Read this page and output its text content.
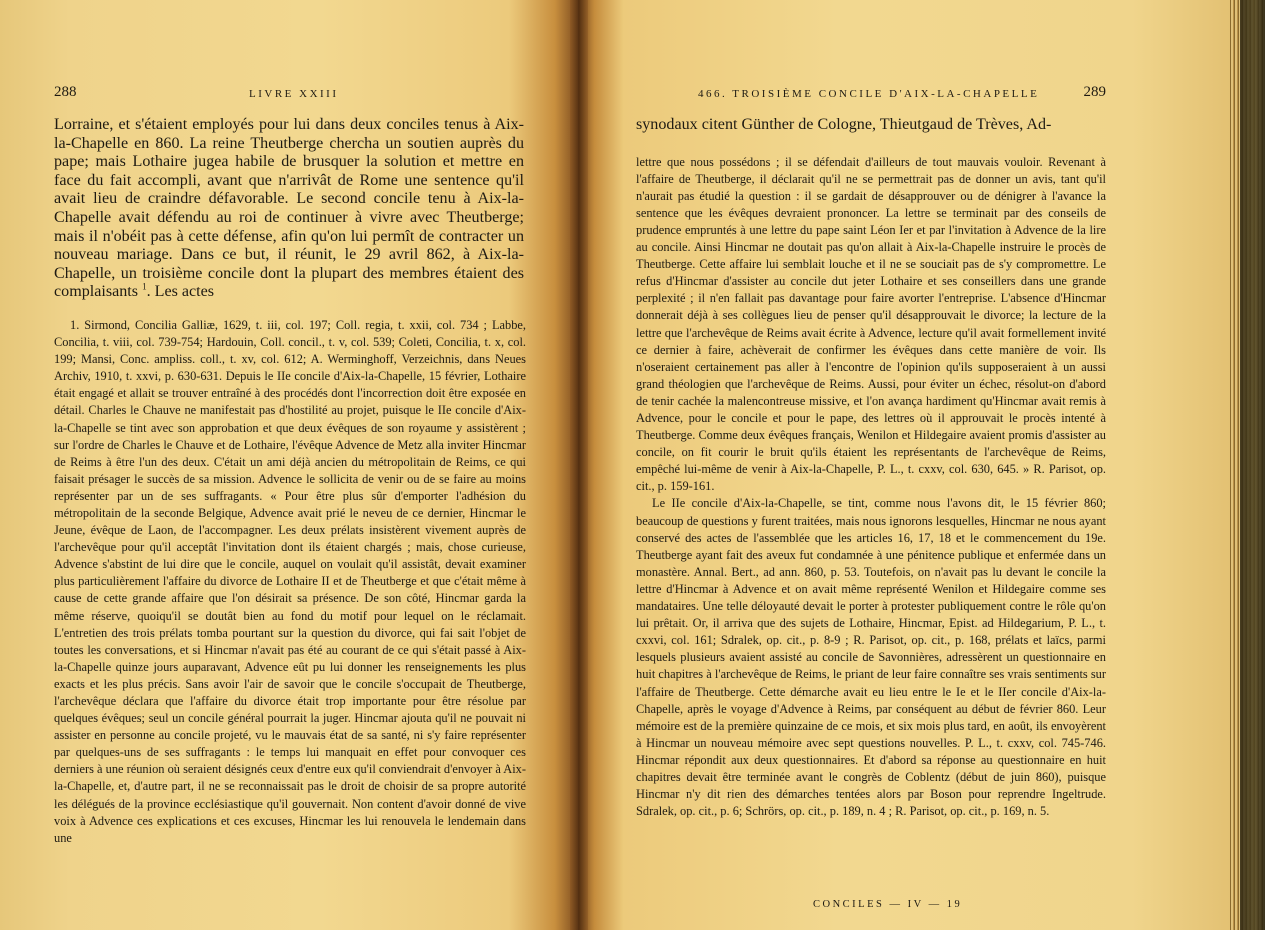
288	LIVRE XXIII

Lorraine, et s'étaient employés pour lui dans deux conciles tenus à Aix-la-Chapelle en 860. La reine Theutberge chercha un soutien auprès du pape; mais Lothaire jugea habile de brusquer la solution et mettre en face du fait accompli, avant que n'arrivât de Rome une sentence qu'il avait lieu de craindre défavorable. Le second concile tenu à Aix-la-Chapelle avait défendu au roi de continuer à vivre avec Theutberge; mais il n'obéit pas à cette défense, afin qu'on lui permît de contracter un nouveau mariage. Dans ce but, il réunit, le 29 avril 862, à Aix-la-Chapelle, un troisième concile dont la plupart des membres étaient des complaisants $^1$. Les actes

1. Sirmond, Concilia Galliæ, 1629, t. iii, col. 197; Coll. regia, t. xxii, col. 734 ; Labbe, Concilia, t. viii, col. 739-754; Hardouin, Coll. concil., t. v, col. 539; Coleti, Concilia, t. x, col. 199; Mansi, Conc. ampliss. coll., t. xv, col. 612; A. Werminghoff, Verzeichnis, dans Neues Archiv, 1910, t. xxvi, p. 630-631. Depuis le IIe concile d'Aix-la-Chapelle, 15 février, Lothaire était engagé et allait se trouver entraîné à des procédés dont l'incorrection doit être exposée en détail. Charles le Chauve ne manifestait pas d'hostilité au projet, puisque le IIe concile d'Aix-la-Chapelle se tint avec son approbation et que deux évêques de son royaume y assistèrent ; sur l'ordre de Charles le Chauve et de Lothaire, l'évêque Advence de Metz alla inviter Hincmar de Reims à être l'un des deux. C'était un ami déjà ancien du métropolitain de Reims, ce qui faisait présager le succès de sa mission. Advence le sollicita de venir ou de se faire au moins représenter par un de ses suffragants. « Pour être plus sûr d'emporter l'adhésion du métropolitain de la seconde Belgique, Advence avait prié le neveu de ce dernier, Hincmar le Jeune, évêque de Laon, de l'accompagner. Les deux prélats insistèrent vivement auprès de l'archevêque pour qu'il acceptât l'invitation dont ils étaient chargés ; mais, chose curieuse, Advence s'abstint de lui dire que le concile, auquel on voulait qu'il assistât, devait examiner plus particulièrement l'affaire du divorce de Lothaire II et de Theutberge et que c'était même à cause de cette grande affaire que l'on désirait sa présence. De son côté, Hincmar garda la même réserve, quoiqu'il se doutât bien au fond du motif pour lequel on le réclamait. L'entretien des trois prélats tomba pourtant sur la question du divorce, qui fai sait l'objet de toutes les conversations, et si Hincmar n'avait pas été au courant de ce qui s'était passé à Aix-la-Chapelle quinze jours auparavant, Advence eût pu lui donner les renseignements les plus exacts et les plus précis. Sans avoir l'air de savoir que le concile s'occupait de Theutberge, l'archevêque déclara que l'affaire du divorce était trop importante pour être résolue par quelques évêques; seul un concile général pourrait la juger. Hincmar ajouta qu'il ne pouvait ni assister en personne au concile projeté, vu le mauvais état de sa santé, ni s'y faire représenter par quelques-uns de ses suffragants : le temps lui manquait en effet pour convoquer ces derniers à une réunion où seraient désignés ceux d'entre eux qu'il conviendrait d'envoyer à Aix-la-Chapelle, et, d'autre part, il ne se reconnaissait pas le droit de choisir de sa propre autorité les délégués de la province ecclésiastique qu'il gouvernait. Non content d'avoir donné de vive voix à Advence ces explications et ces excuses, Hincmar les lui renouvela le lendemain dans une

466. TROISIÈME CONCILE D'AIX-LA-CHAPELLE	289

synodaux citent Günther de Cologne, Thieutgaud de Trèves, Ad-

lettre que nous possédons ; il se défendait d'ailleurs de tout mauvais vouloir. Revenant à l'affaire de Theutberge, il déclarait qu'il ne se permettrait pas de donner un avis, tant qu'il n'aurait pas étudié la question : il se gardait de désapprouver ou de dénigrer à l'avance la sentence que les évêques devraient prononcer. La lettre se terminait par des conseils de prudence empruntés à une lettre du pape saint Léon Ier et par l'invitation à Advence de la lire au concile. Ainsi Hincmar ne doutait pas qu'on allait à Aix-la-Chapelle instruire le procès de Theutberge. Cette affaire lui semblait louche et il ne se souciait pas de s'y compromettre. Le refus d'Hincmar d'assister au concile dut jeter Lothaire et ses conseillers dans une grande perplexité ; il n'en fallait pas davantage pour faire avorter l'entreprise. L'absence d'Hincmar donnerait déjà à ses collègues lieu de penser qu'il désapprouvait le divorce; la lecture de la lettre que l'archevêque de Reims avait écrite à Advence, lecture qu'il avait formellement invité ce dernier à faire, achèverait de confirmer les évêques dans cette manière de voir. Ils n'oseraient certainement pas aller à l'encontre de l'opinion qu'ils supposeraient à un aussi grand théologien que l'archevêque de Reims. Aussi, pour éviter un échec, résolut-on d'abord de tenir cachée la malencontreuse missive, et l'on avança hardiment qu'Hincmar avait remis à Advence, pour le concile et pour le pape, des lettres où il approuvait le procès intenté à Theutberge. Comme deux évêques français, Wenilon et Hildegaire avaient promis d'assister au concile, on fit courir le bruit qu'ils étaient les représentants de l'archevêque de Reims, empêché lui-même de venir à Aix-la-Chapelle, P. L., t. cxxv, col. 630, 645. » R. Parisot, op. cit., p. 159-161.

Le IIe concile d'Aix-la-Chapelle, se tint, comme nous l'avons dit, le 15 février 860; beaucoup de questions y furent traitées, mais nous ignorons lesquelles, Hincmar ne nous ayant conservé des actes de l'assemblée que les articles 16, 17, 18 et le commencement du 19e. Theutberge ayant fait des aveux fut condamnée à une pénitence publique et enfermée dans un monastère. Annal. Bert., ad ann. 860, p. 53. Toutefois, on n'avait pas lu devant le concile la lettre d'Hincmar à Advence et on avait même représenté Wenilon et Hildegaire comme ses mandataires. Une telle déloyauté devait le porter à protester publiquement contre le rôle qu'on lui prêtait. Or, il arriva que des sujets de Lothaire, Hincmar, Epist. ad Hildegarium, P. L., t. cxxvi, col. 161; Sdralek, op. cit., p. 8-9 ; R. Parisot, op. cit., p. 168, prélats et laïcs, parmi lesquels plusieurs avaient assisté au concile de Savonnières, adressèrent un questionnaire en huit chapitres à l'archevêque de Reims, le priant de leur faire connaître ses vrais sentiments sur l'affaire de Theutberge. Cette démarche avait eu lieu entre le Ie et le IIer concile d'Aix-la-Chapelle, après le voyage d'Advence à Reims, par conséquent au début de février 860. Leur mémoire est de la première quinzaine de ce mois, et six mois plus tard, en août, ils envoyèrent à Hincmar un nouveau mémoire avec sept questions nouvelles. P. L., t. cxxv, col. 745-746. Hincmar répondit aux deux questionnaires. Et d'abord sa réponse au questionnaire en huit chapitres devait être terminée avant le congrès de Coblentz (début de juin 860), puisque Hincmar n'y dit rien des démarches tentées alors par Boson pour reprendre Ingeltrude. Sdralek, op. cit., p. 6; Schrörs, op. cit., p. 189, n. 4 ; R. Parisot, op. cit., p. 169, n. 5.

CONCILES — IV — 19
